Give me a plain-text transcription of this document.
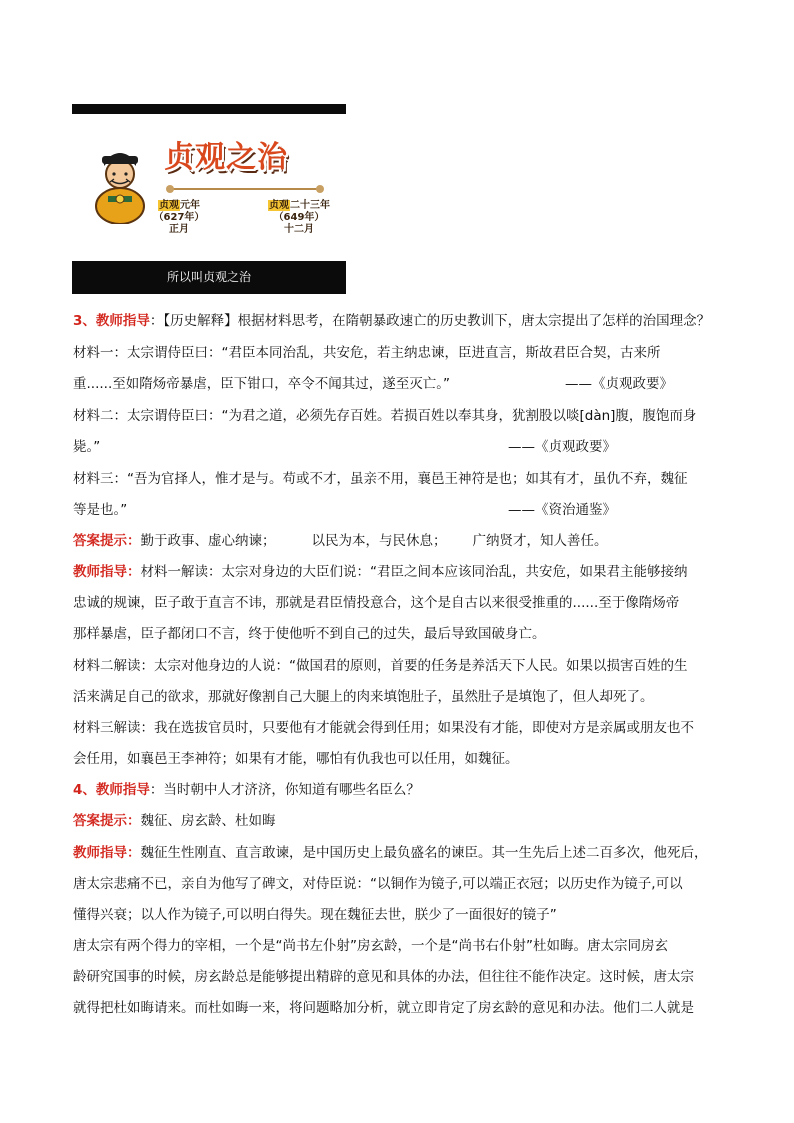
贞观之治
贞观元年
（627年）
正月
贞观二十三年
（649年）
十二月
所以叫贞观之治
3、教师指导：【历史解释】根据材料思考，在隋朝暴政速亡的历史教训下，唐太宗提出了怎样的治国理念？
材料一：太宗谓侍臣曰：“君臣本同治乱，共安危，若主纳忠谏，臣进直言，斯故君臣合契，古来所
重......至如隋炀帝暴虐，臣下钳口，卒令不闻其过，遂至灭亡。”	——《贞观政要》
材料二：太宗谓侍臣曰：“为君之道，必须先存百姓。若损百姓以奉其身，犹割股以啖[dàn]腹，腹饱而身
毙。”	——《贞观政要》
材料三：“吾为官择人，惟才是与。苟或不才，虽亲不用，襄邑王神符是也；如其有才，虽仇不弃，魏征
等是也。”	——《资治通鉴》
答案提示：勤于政事、虚心纳谏；	以民为本，与民休息； 广纳贤才，知人善任。
教师指导：材料一解读：太宗对身边的大臣们说：“君臣之间本应该同治乱，共安危，如果君主能够接纳
忠诚的规谏，臣子敢于直言不讳，那就是君臣情投意合，这个是自古以来很受推重的......至于像隋炀帝
那样暴虐，臣子都闭口不言，终于使他听不到自己的过失，最后导致国破身亡。
材料二解读：太宗对他身边的人说：“做国君的原则，首要的任务是养活天下人民。如果以损害百姓的生
活来满足自己的欲求，那就好像割自己大腿上的肉来填饱肚子，虽然肚子是填饱了，但人却死了。
材料三解读：我在选拔官员时，只要他有才能就会得到任用；如果没有才能，即使对方是亲属或朋友也不
会任用，如襄邑王李神符；如果有才能，哪怕有仇我也可以任用，如魏征。
4、教师指导：当时朝中人才济济，你知道有哪些名臣么？
答案提示：魏征、房玄龄、杜如晦
教师指导：魏征生性刚直、直言敢谏，是中国历史上最负盛名的谏臣。其一生先后上述二百多次，他死后，
唐太宗悲痛不已，亲自为他写了碑文，对侍臣说：“以铜作为镜子,可以端正衣冠；以历史作为镜子,可以
懂得兴衰；以人作为镜子,可以明白得失。现在魏征去世，朕少了一面很好的镜子”
唐太宗有两个得力的宰相，一个是“尚书左仆射”房玄龄，一个是“尚书右仆射”杜如晦。唐太宗同房玄
龄研究国事的时候，房玄龄总是能够提出精辟的意见和具体的办法，但往往不能作决定。这时候，唐太宗
就得把杜如晦请来。而杜如晦一来，将问题略加分析，就立即肯定了房玄龄的意见和办法。他们二人就是
